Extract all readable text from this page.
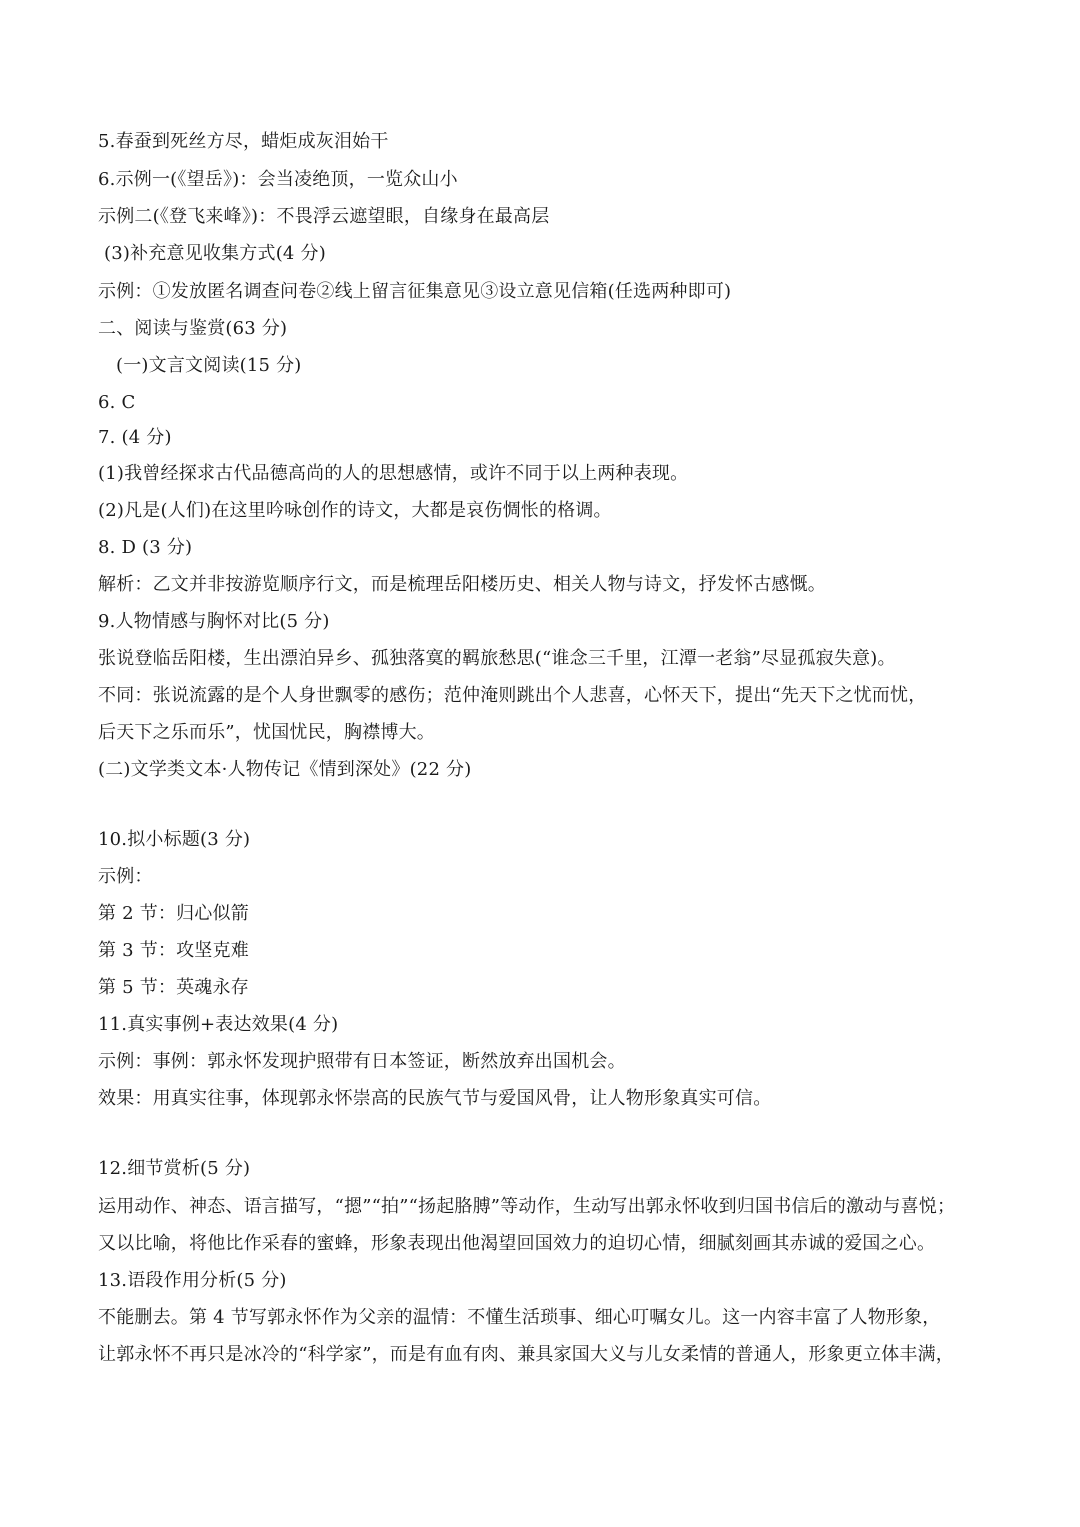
5.春蚕到死丝方尽，蜡炬成灰泪始干
6.示例一(《望岳》)：会当凌绝顶，一览众山小
示例二(《登飞来峰》)：不畏浮云遮望眼，自缘身在最高层
(3)补充意见收集方式(4 分)
示例：①发放匿名调查问卷②线上留言征集意见③设立意见信箱(任选两种即可)
二、阅读与鉴赏(63 分)
(一)文言文阅读(15 分)
6. C
7. (4 分)
(1)我曾经探求古代品德高尚的人的思想感情，或许不同于以上两种表现。
(2)凡是(人们)在这里吟咏创作的诗文，大都是哀伤惆怅的格调。
8. D (3 分)
解析：乙文并非按游览顺序行文，而是梳理岳阳楼历史、相关人物与诗文，抒发怀古感慨。
9.人物情感与胸怀对比(5 分)
张说登临岳阳楼，生出漂泊异乡、孤独落寞的羁旅愁思(“谁念三千里，江潭一老翁”尽显孤寂失意)。
不同：张说流露的是个人身世飘零的感伤；范仲淹则跳出个人悲喜，心怀天下，提出“先天下之忧而忧，
后天下之乐而乐”，忧国忧民，胸襟博大。
(二)文学类文本·人物传记《情到深处》(22 分)
10.拟小标题(3 分)
示例：
第 2 节：归心似箭
第 3 节：攻坚克难
第 5 节：英魂永存
11.真实事例+表达效果(4 分)
示例：事例：郭永怀发现护照带有日本签证，断然放弃出国机会。
效果：用真实往事，体现郭永怀崇高的民族气节与爱国风骨，让人物形象真实可信。
12.细节赏析(5 分)
运用动作、神态、语言描写，“摁”“拍”“扬起胳膊”等动作，生动写出郭永怀收到归国书信后的激动与喜悦；
又以比喻，将他比作采春的蜜蜂，形象表现出他渴望回国效力的迫切心情，细腻刻画其赤诚的爱国之心。
13.语段作用分析(5 分)
不能删去。第 4 节写郭永怀作为父亲的温情：不懂生活琐事、细心叮嘱女儿。这一内容丰富了人物形象，
让郭永怀不再只是冰冷的“科学家”，而是有血有肉、兼具家国大义与儿女柔情的普通人，形象更立体丰满，
